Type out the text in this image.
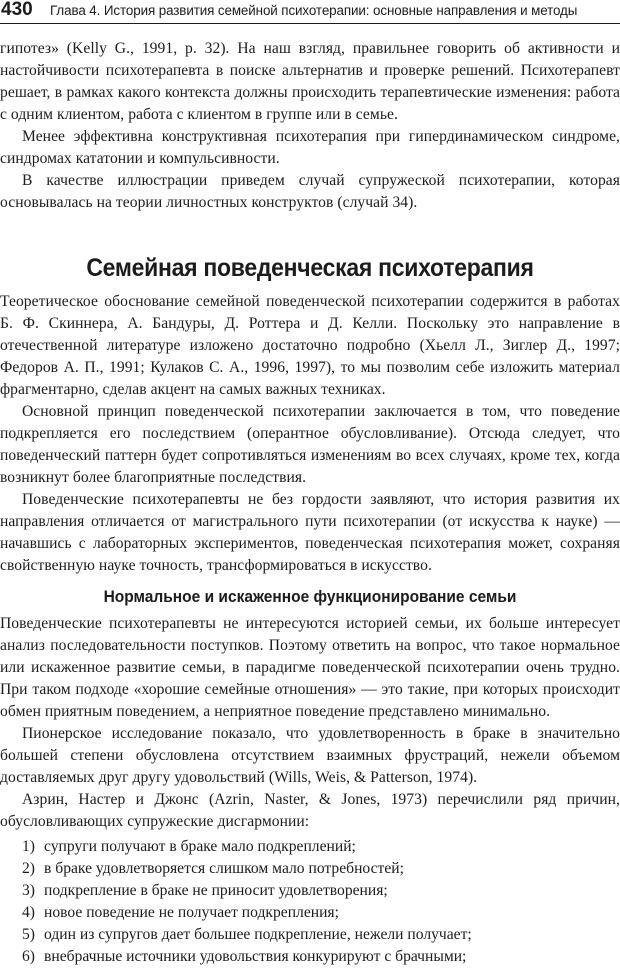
430 Глава 4. История развития семейной психотерапии: основные направления и методы

гипотез» (Kelly G., 1991, p. 32). На наш взгляд, правильнее говорить об активности и настойчивости психотерапевта в поиске альтернатив и проверке решений. Психотерапевт решает, в рамках какого контекста должны происходить терапевтические изменения: работа с одним клиентом, работа с клиентом в группе или в семье.

Менее эффективна конструктивная психотерапия при гипердинамическом синдроме, синдромах кататонии и компульсивности.

В качестве иллюстрации приведем случай супружеской психотерапии, которая основывалась на теории личностных конструктов (случай 34).

Семейная поведенческая психотерапия

Теоретическое обоснование семейной поведенческой психотерапии содержится в работах Б. Ф. Скиннера, А. Бандуры, Д. Роттера и Д. Келли. Поскольку это направление в отечественной литературе изложено достаточно подробно (Хьелл Л., Зиглер Д., 1997; Федоров А. П., 1991; Кулаков С. А., 1996, 1997), то мы позволим себе изложить материал фрагментарно, сделав акцент на самых важных техниках.

Основной принцип поведенческой психотерапии заключается в том, что поведение подкрепляется его последствием (оперантное обусловливание). Отсюда следует, что поведенческий паттерн будет сопротивляться изменениям во всех случаях, кроме тех, когда возникнут более благоприятные последствия.

Поведенческие психотерапевты не без гордости заявляют, что история развития их направления отличается от магистрального пути психотерапии (от искусства к науке) — начавшись с лабораторных экспериментов, поведенческая психотерапия может, сохраняя свойственную науке точность, трансформироваться в искусство.

Нормальное и искаженное функционирование семьи

Поведенческие психотерапевты не интересуются историей семьи, их больше интересует анализ последовательности поступков. Поэтому ответить на вопрос, что такое нормальное или искаженное развитие семьи, в парадигме поведенческой психотерапии очень трудно. При таком подходе «хорошие семейные отношения» — это такие, при которых происходит обмен приятным поведением, а неприятное поведение представлено минимально.

Пионерское исследование показало, что удовлетворенность в браке в значительно большей степени обусловлена отсутствием взаимных фрустраций, нежели объемом доставляемых друг другу удовольствий (Wills, Weis, & Patterson, 1974).

Азрин, Настер и Джонс (Azrin, Naster, & Jones, 1973) перечислили ряд причин, обусловливающих супружеские дисгармонии:

1) супруги получают в браке мало подкреплений;
2) в браке удовлетворяется слишком мало потребностей;
3) подкрепление в браке не приносит удовлетворения;
4) новое поведение не получает подкрепления;
5) один из супругов дает большее подкрепление, нежели получает;
6) внебрачные источники удовольствия конкурируют с брачными;
